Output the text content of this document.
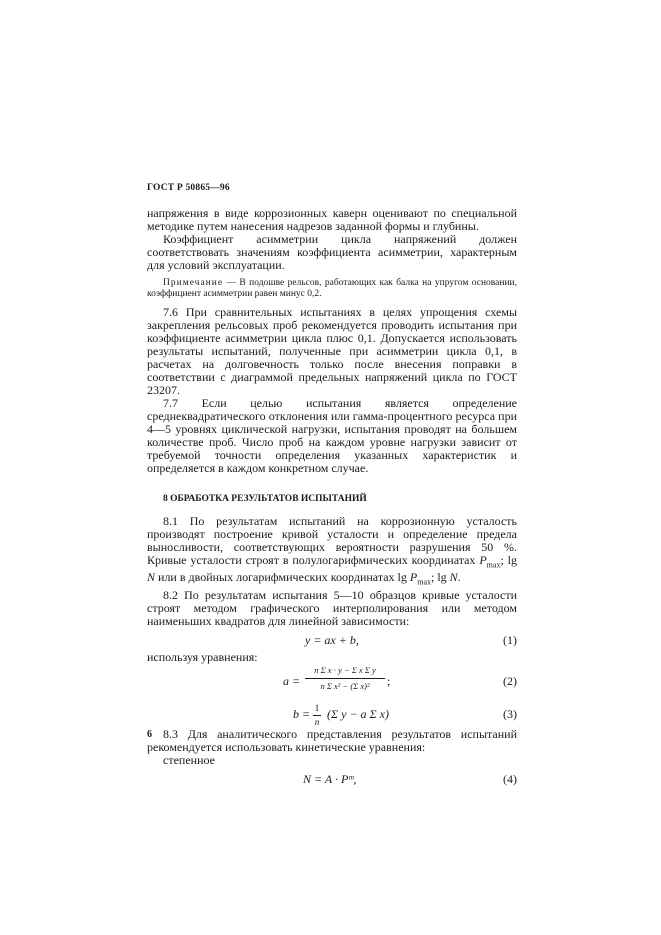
ГОСТ Р 50865—96

напряжения в виде коррозионных каверн оценивают по специальной методике путем нанесения надрезов заданной формы и глубины.

Коэффициент асимметрии цикла напряжений должен соответствовать значениям коэффициента асимметрии, характерным для условий эксплуатации.

Примечание — В подошве рельсов, работающих как балка на упругом основании, коэффициент асимметрии равен минус 0,2.

7.6 При сравнительных испытаниях в целях упрощения схемы закрепления рельсовых проб рекомендуется проводить испытания при коэффициенте асимметрии цикла плюс 0,1. Допускается использовать результаты испытаний, полученные при асимметрии цикла 0,1, в расчетах на долговечность только после внесения поправки в соответствии с диаграммой предельных напряжений цикла по ГОСТ 23207.

7.7 Если целью испытания является определение среднеквадратического отклонения или гамма-процентного ресурса при 4—5 уровнях циклической нагрузки, испытания проводят на большем количестве проб. Число проб на каждом уровне нагрузки зависит от требуемой точности определения указанных характеристик и определяется в каждом конкретном случае.

8 ОБРАБОТКА РЕЗУЛЬТАТОВ ИСПЫТАНИЙ

8.1 По результатам испытаний на коррозионную усталость производят построение кривой усталости и определение предела выносливости, соответствующих вероятности разрушения 50 %. Кривые усталости строят в полулогарифмических координатах $P_{max}$; lg N или в двойных логарифмических координатах $\lg P_{max}$; lg N.

8.2 По результатам испытания 5—10 образцов кривые усталости строят методом графического интерполирования или методом наименьших квадратов для линейной зависимости:

y = ax + b,	(1)

используя уравнения:

$a = \frac{\text{n Σ x · y − Σ x Σ y}}{\text{n Σ x² − (Σ x)²}}$ ;	(2)
$b = \frac{1}{n} (\Sigma$ y − a Σ x)	(3)

8.3 Для аналитического представления результатов испытаний рекомендуется использовать кинетические уравнения:

степенное

N = A · Pᵐ,	(4)
6
